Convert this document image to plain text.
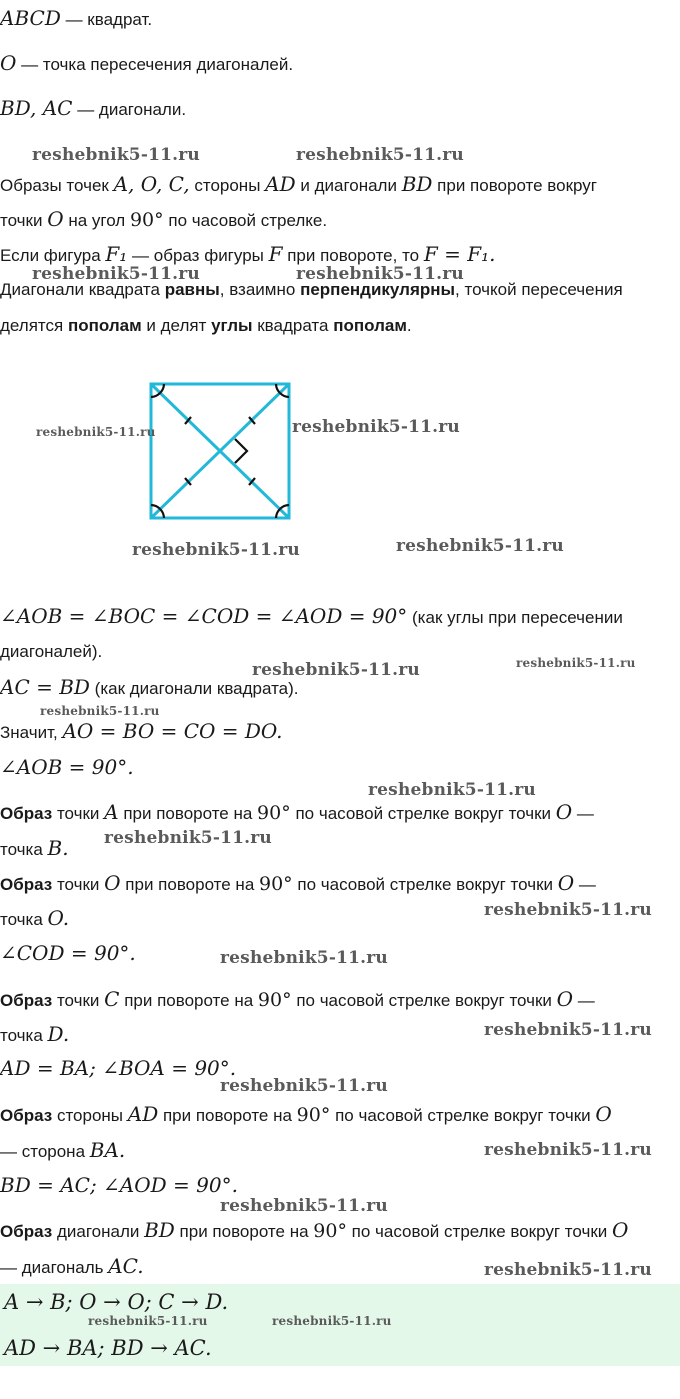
ABCD — квадрат.
O — точка пересечения диагоналей.
BD, AC — диагонали.
Образы точек A, O, C, стороны AD и диагонали BD при повороте вокруг
точки O на угол 90° по часовой стрелке.
Если фигура F₁ — образ фигуры F при повороте, то F = F₁.
Диагонали квадрата равны, взаимно перпендикулярны, точкой пересечения
делятся пополам и делят углы квадрата пополам.
∠AOB = ∠BOC = ∠COD = ∠AOD = 90° (как углы при пересечении
диагоналей).
AC = BD (как диагонали квадрата).
Значит, AO = BO = CO = DO.
∠AOB = 90°.
Образ точки A при повороте на 90° по часовой стрелке вокруг точки O —
точка B.
Образ точки O при повороте на 90° по часовой стрелке вокруг точки O —
точка O.
∠COD = 90°.
Образ точки C при повороте на 90° по часовой стрелке вокруг точки O —
точка D.
AD = BA; ∠BOA = 90°.
Образ стороны AD при повороте на 90° по часовой стрелке вокруг точки O
— сторона BA.
BD = AC; ∠AOD = 90°.
Образ диагонали BD при повороте на 90° по часовой стрелке вокруг точки O
— диагональ AC.
A → B; O → O; C → D.
AD → BA; BD → AC.
reshebnik5-11.ru	reshebnik5-11.ru
reshebnik5-11.ru	reshebnik5-11.ru
reshebnik5-11.ru	reshebnik5-11.ru
reshebnik5-11.ru	reshebnik5-11.ru
reshebnik5-11.ru	reshebnik5-11.ru
reshebnik5-11.ru
reshebnik5-11.ru
reshebnik5-11.ru
reshebnik5-11.ru
reshebnik5-11.ru
reshebnik5-11.ru
reshebnik5-11.ru
reshebnik5-11.ru
reshebnik5-11.ru
reshebnik5-11.ru
reshebnik5-11.ru	reshebnik5-11.ru
